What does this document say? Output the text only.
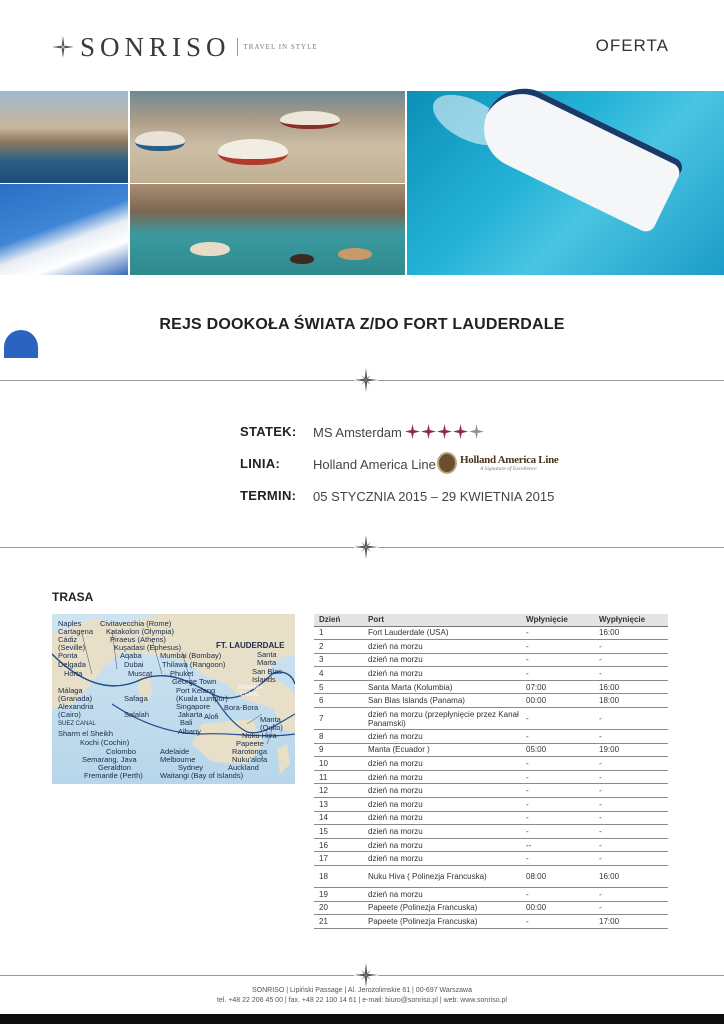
SONRISO TRAVEL IN STYLE	OFERTA
REJS DOOKOŁA ŚWIATA Z/DO FORT LAUDERDALE
STATEK: MS Amsterdam
LINIA:	Holland America Line Holland America Line
A Signature of Excellence
TERMIN: 05 STYCZNIA 2015 – 29 KWIETNIA 2015
TRASA
Naples Civitavecchia (Rome)
Cartagena Katakolon (Olympia)
Cádiz	Piraeus (Athens)
(Seville)	Kuşadasi (Ephesus)
Ponta	Aqaba Mumbai (Bombay)
Delgada	Dubai Thilawa (Rangoon)
Horta	Muscat Phuket
George Town
Málaga	Port Kelang
(Granada)	Safaga	(Kuala Lumpur)
Alexandria	Singapore
(Cairo)	Salalah	Jakarta
SUEZ CANAL	Bali
Alofi
Sharm el Sheikh	Albany
Kochi (Cochin)
Colombo	Adelaide
Semarang, Java	Melbourne
Geraldton	Sydney
Fremantle (Perth) Waitangi (Bay of Islands)
FT. LAUDERDALE
Santa
Marta
San Blas
Islands
PANAMA
CANAL
Bora-Bora
Manta
(Quito)
Nuku Hiva
Papeete
Rarotonga
Nuku'alofa
Auckland
Dzień	Port	Wpłynięcie	Wypłynięcie
1	Fort Lauderdale (USA)	-	16:00
2	dzień na morzu	-	-
3	dzień na morzu	-	-
4	dzień na morzu	-	-
5	Santa Marta (Kolumbia)	07:00	16:00
6	San Blas Islands (Panama)	00:00	18:00
7	dzień na morzu (przepłynięcie przez Kanał Panamski)	-	-
8	dzień na morzu	-	-
9	Manta (Ecuador )	05:00	19:00
10	dzień na morzu	-	-
11	dzień na morzu	-	-
12	dzień na morzu	-	-
13	dzień na morzu	-	-
14	dzień na morzu	-	-
15	dzień na morzu	-	-
16	dzień na morzu	--	-
17	dzień na morzu	-	-
18	Nuku Hiva ( Polinezja Francuska)	08:00	16:00
19	dzień na morzu	-	-
20	Papeete (Polinezja Francuska)	00:00	-
21	Papeete (Polinezja Francuska)	-	17:00
SONRISO | Lipiński Passage | Al. Jerozolimskie 61 | 00-697 Warszawa
tel. +48 22 206 45 00 | fax. +48 22 100 14 61 | e-mail: biuro@sonriso.pl | web: www.sonriso.pl
